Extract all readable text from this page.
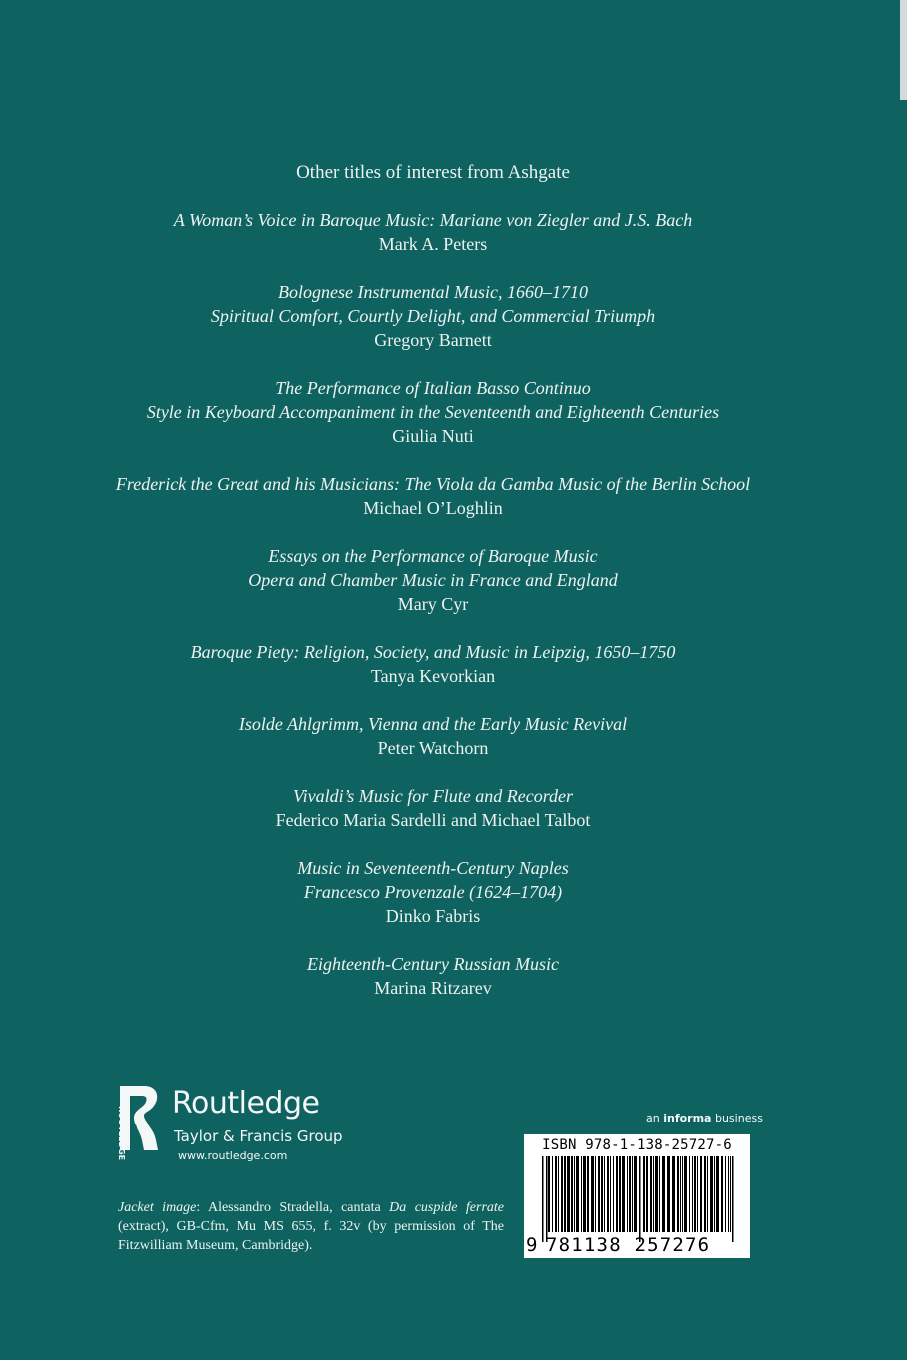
Other titles of interest from Ashgate
A Woman’s Voice in Baroque Music: Mariane von Ziegler and J.S. Bach
Mark A. Peters
Bolognese Instrumental Music, 1660–1710
Spiritual Comfort, Courtly Delight, and Commercial Triumph
Gregory Barnett
The Performance of Italian Basso Continuo
Style in Keyboard Accompaniment in the Seventeenth and Eighteenth Centuries
Giulia Nuti
Frederick the Great and his Musicians: The Viola da Gamba Music of the Berlin School
Michael O’Loghlin
Essays on the Performance of Baroque Music
Opera and Chamber Music in France and England
Mary Cyr
Baroque Piety: Religion, Society, and Music in Leipzig, 1650–1750
Tanya Kevorkian
Isolde Ahlgrimm, Vienna and the Early Music Revival
Peter Watchorn
Vivaldi’s Music for Flute and Recorder
Federico Maria Sardelli and Michael Talbot
Music in Seventeenth-Century Naples
Francesco Provenzale (1624–1704)
Dinko Fabris
Eighteenth-Century Russian Music
Marina Ritzarev
ROUTLEDGE
Routledge
Taylor & Francis Group
www.routledge.com
Jacket image: Alessandro Stradella, cantata Da cuspide ferrate (extract), GB-Cfm, Mu MS 655, f. 32v (by permission of The Fitzwilliam Museum, Cambridge).
an informa business
ISBN 978-1-138-25727-6
9 781138 257276
